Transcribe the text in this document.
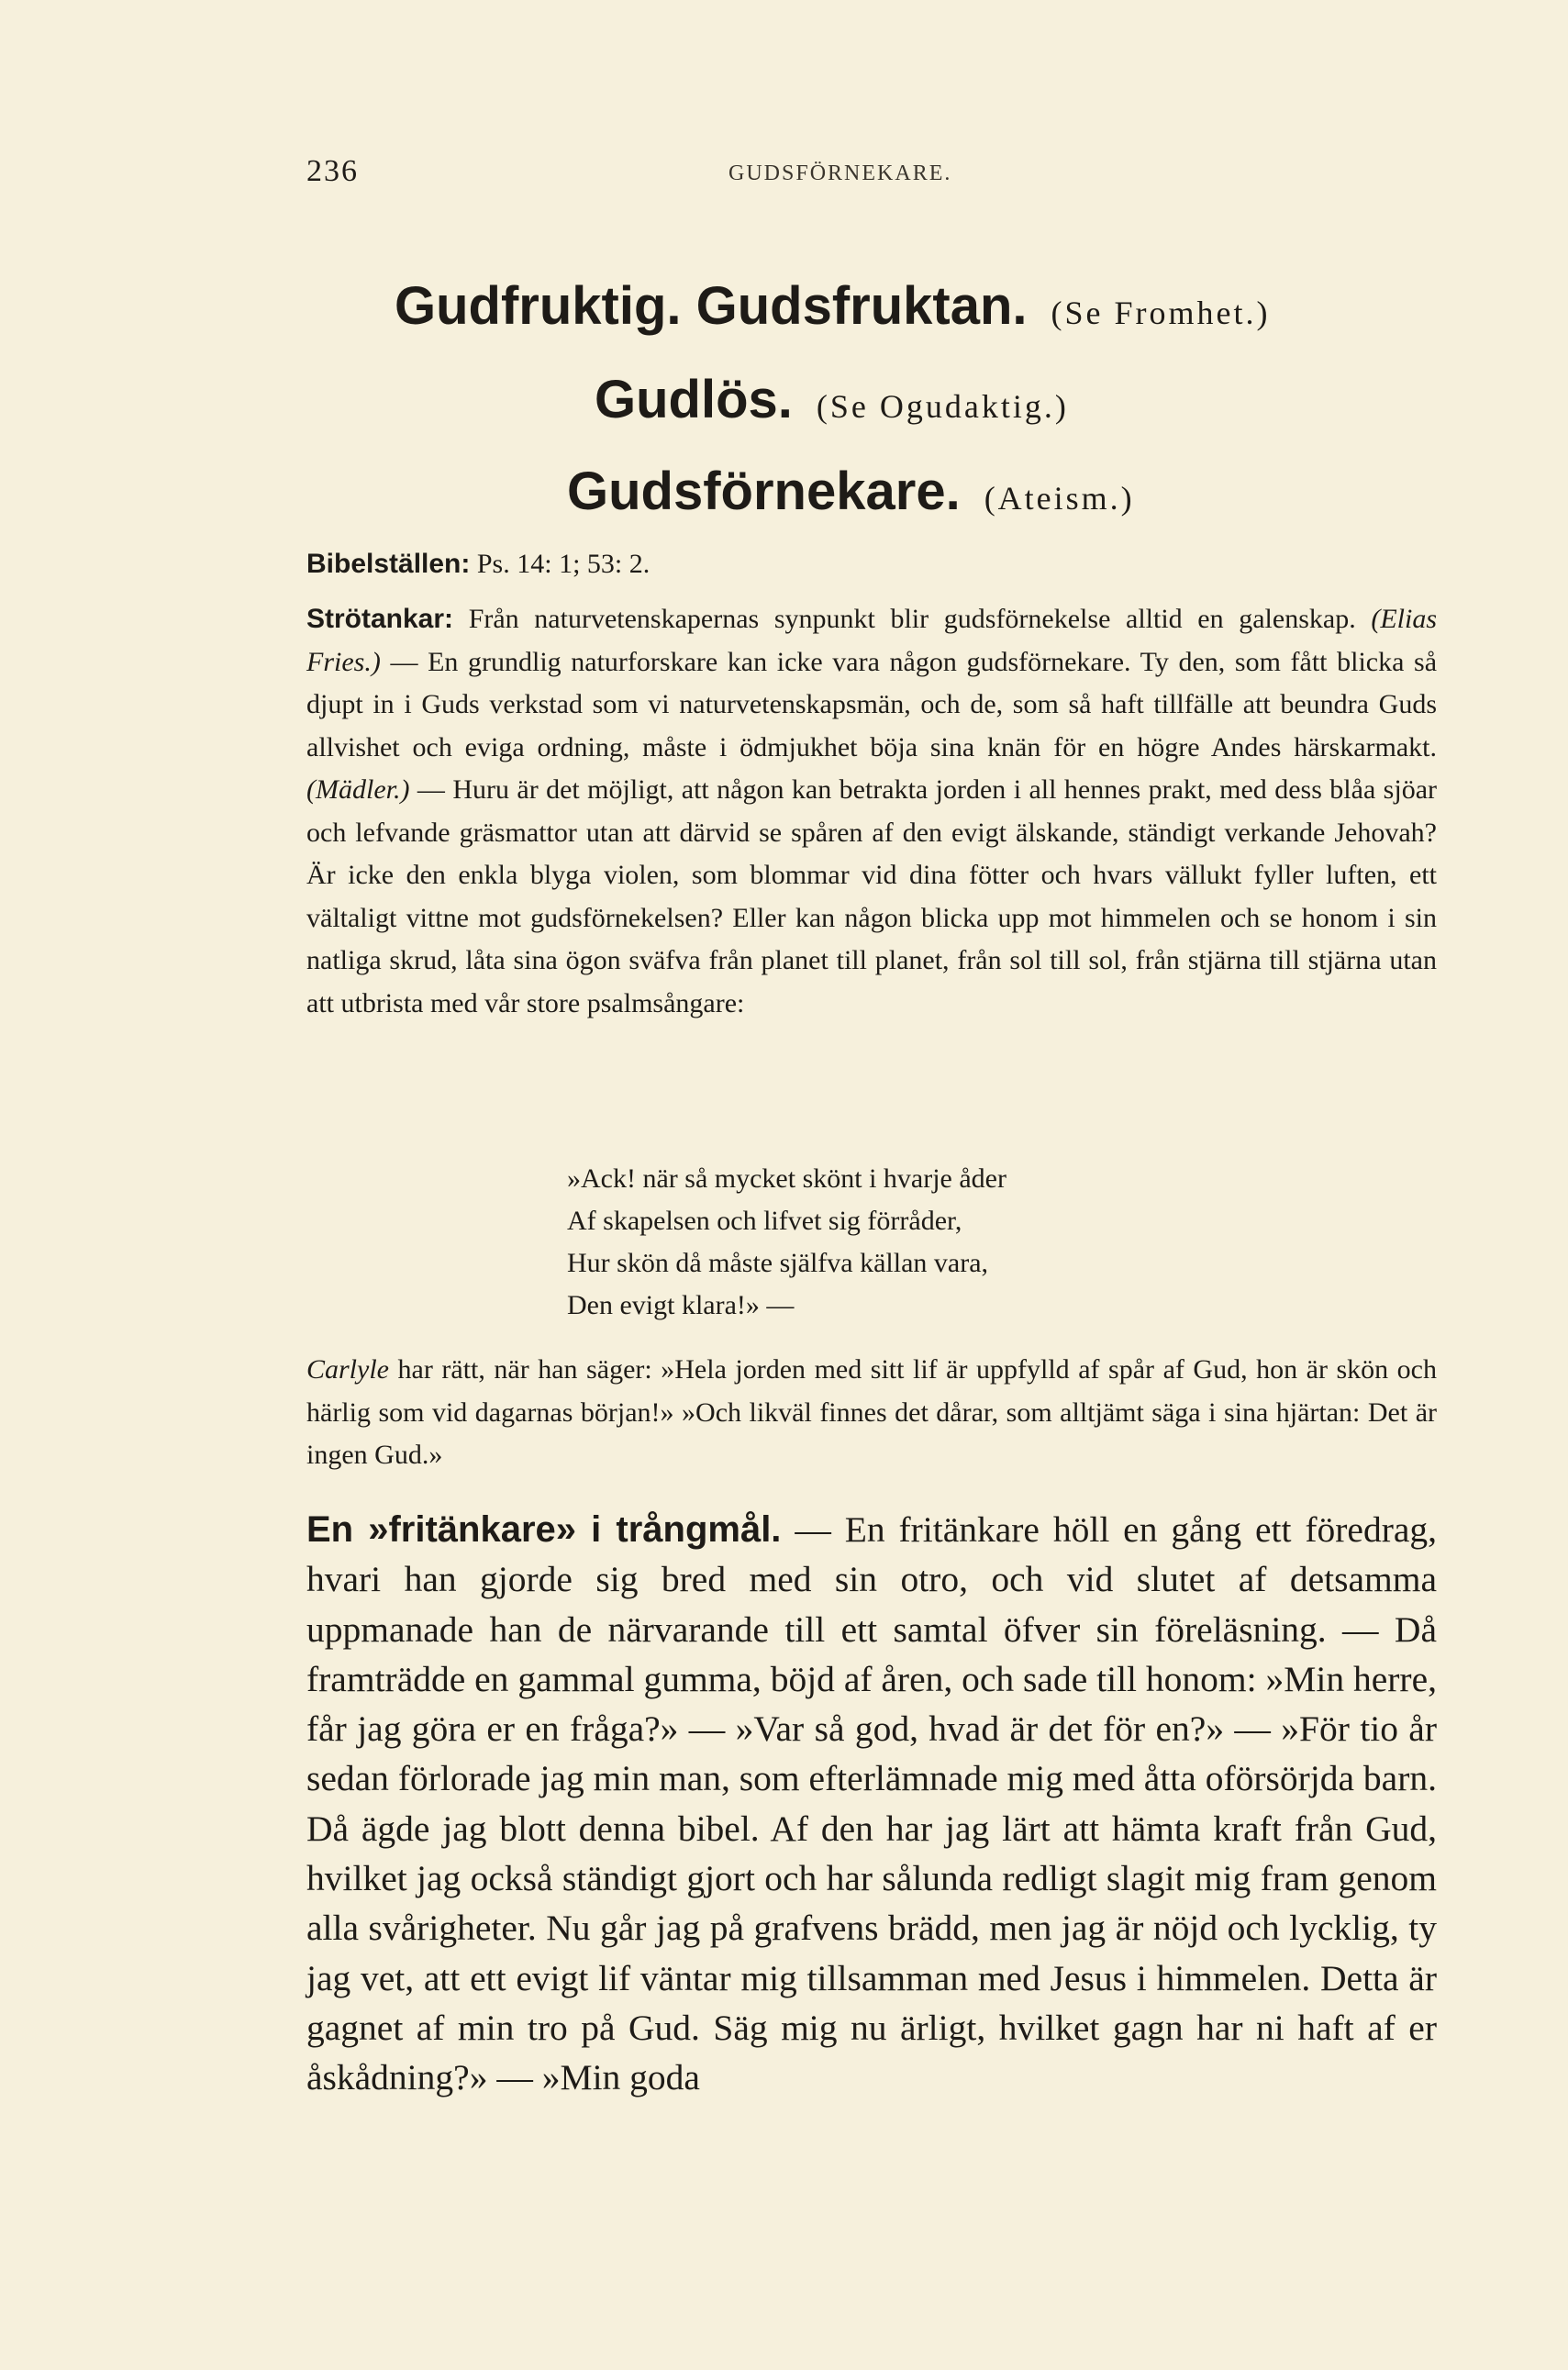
236	GUDSFÖRNEKARE.
Gudfruktig. Gudsfruktan. (Se Fromhet.)
Gudlös. (Se Ogudaktig.)
Gudsförnekare. (Ateism.)
Bibelställen: Ps. 14: 1; 53: 2.

Strötankar: Från naturvetenskapernas synpunkt blir gudsförnekelse alltid en galenskap. (Elias Fries.) — En grundlig naturforskare kan icke vara någon gudsförnekare. Ty den, som fått blicka så djupt in i Guds verkstad som vi naturvetenskapsmän, och de, som så haft tillfälle att beundra Guds allvishet och eviga ordning, måste i ödmjukhet böja sina knän för en högre Andes härskarmakt. (Mädler.) — Huru är det möjligt, att någon kan betrakta jorden i all hennes prakt, med dess blåa sjöar och lefvande gräsmattor utan att därvid se spåren af den evigt älskande, ständigt verkande Jehovah? Är icke den enkla blyga violen, som blommar vid dina fötter och hvars vällukt fyller luften, ett vältaligt vittne mot gudsförnekelsen? Eller kan någon blicka upp mot himmelen och se honom i sin natliga skrud, låta sina ögon sväfva från planet till planet, från sol till sol, från stjärna till stjärna utan att utbrista med vår store psalmsångare:

»Ack! när så mycket skönt i hvarje åder
Af skapelsen och lifvet sig förråder,
Hur skön då måste själfva källan vara,
Den evigt klara!» —
Carlyle har rätt, när han säger: »Hela jorden med sitt lif är uppfylld af spår af Gud, hon är skön och härlig som vid dagarnas början!» »Och likväl finnes det dårar, som alltjämt säga i sina hjärtan: Det är ingen Gud.»
En »fritänkare» i trångmål. — En fritänkare höll en gång ett föredrag, hvari han gjorde sig bred med sin otro, och vid slutet af detsamma uppmanade han de närvarande till ett samtal öfver sin föreläsning. — Då framträdde en gammal gumma, böjd af åren, och sade till honom: »Min herre, får jag göra er en fråga?» — »Var så god, hvad är det för en?» — »För tio år sedan förlorade jag min man, som efterlämnade mig med åtta oförsörjda barn. Då ägde jag blott denna bibel. Af den har jag lärt att hämta kraft från Gud, hvilket jag också ständigt gjort och har sålunda redligt slagit mig fram genom alla svårigheter. Nu går jag på grafvens brädd, men jag är nöjd och lycklig, ty jag vet, att ett evigt lif väntar mig tillsamman med Jesus i himmelen. Detta är gagnet af min tro på Gud. Säg mig nu ärligt, hvilket gagn har ni haft af er åskådning?» — »Min goda
